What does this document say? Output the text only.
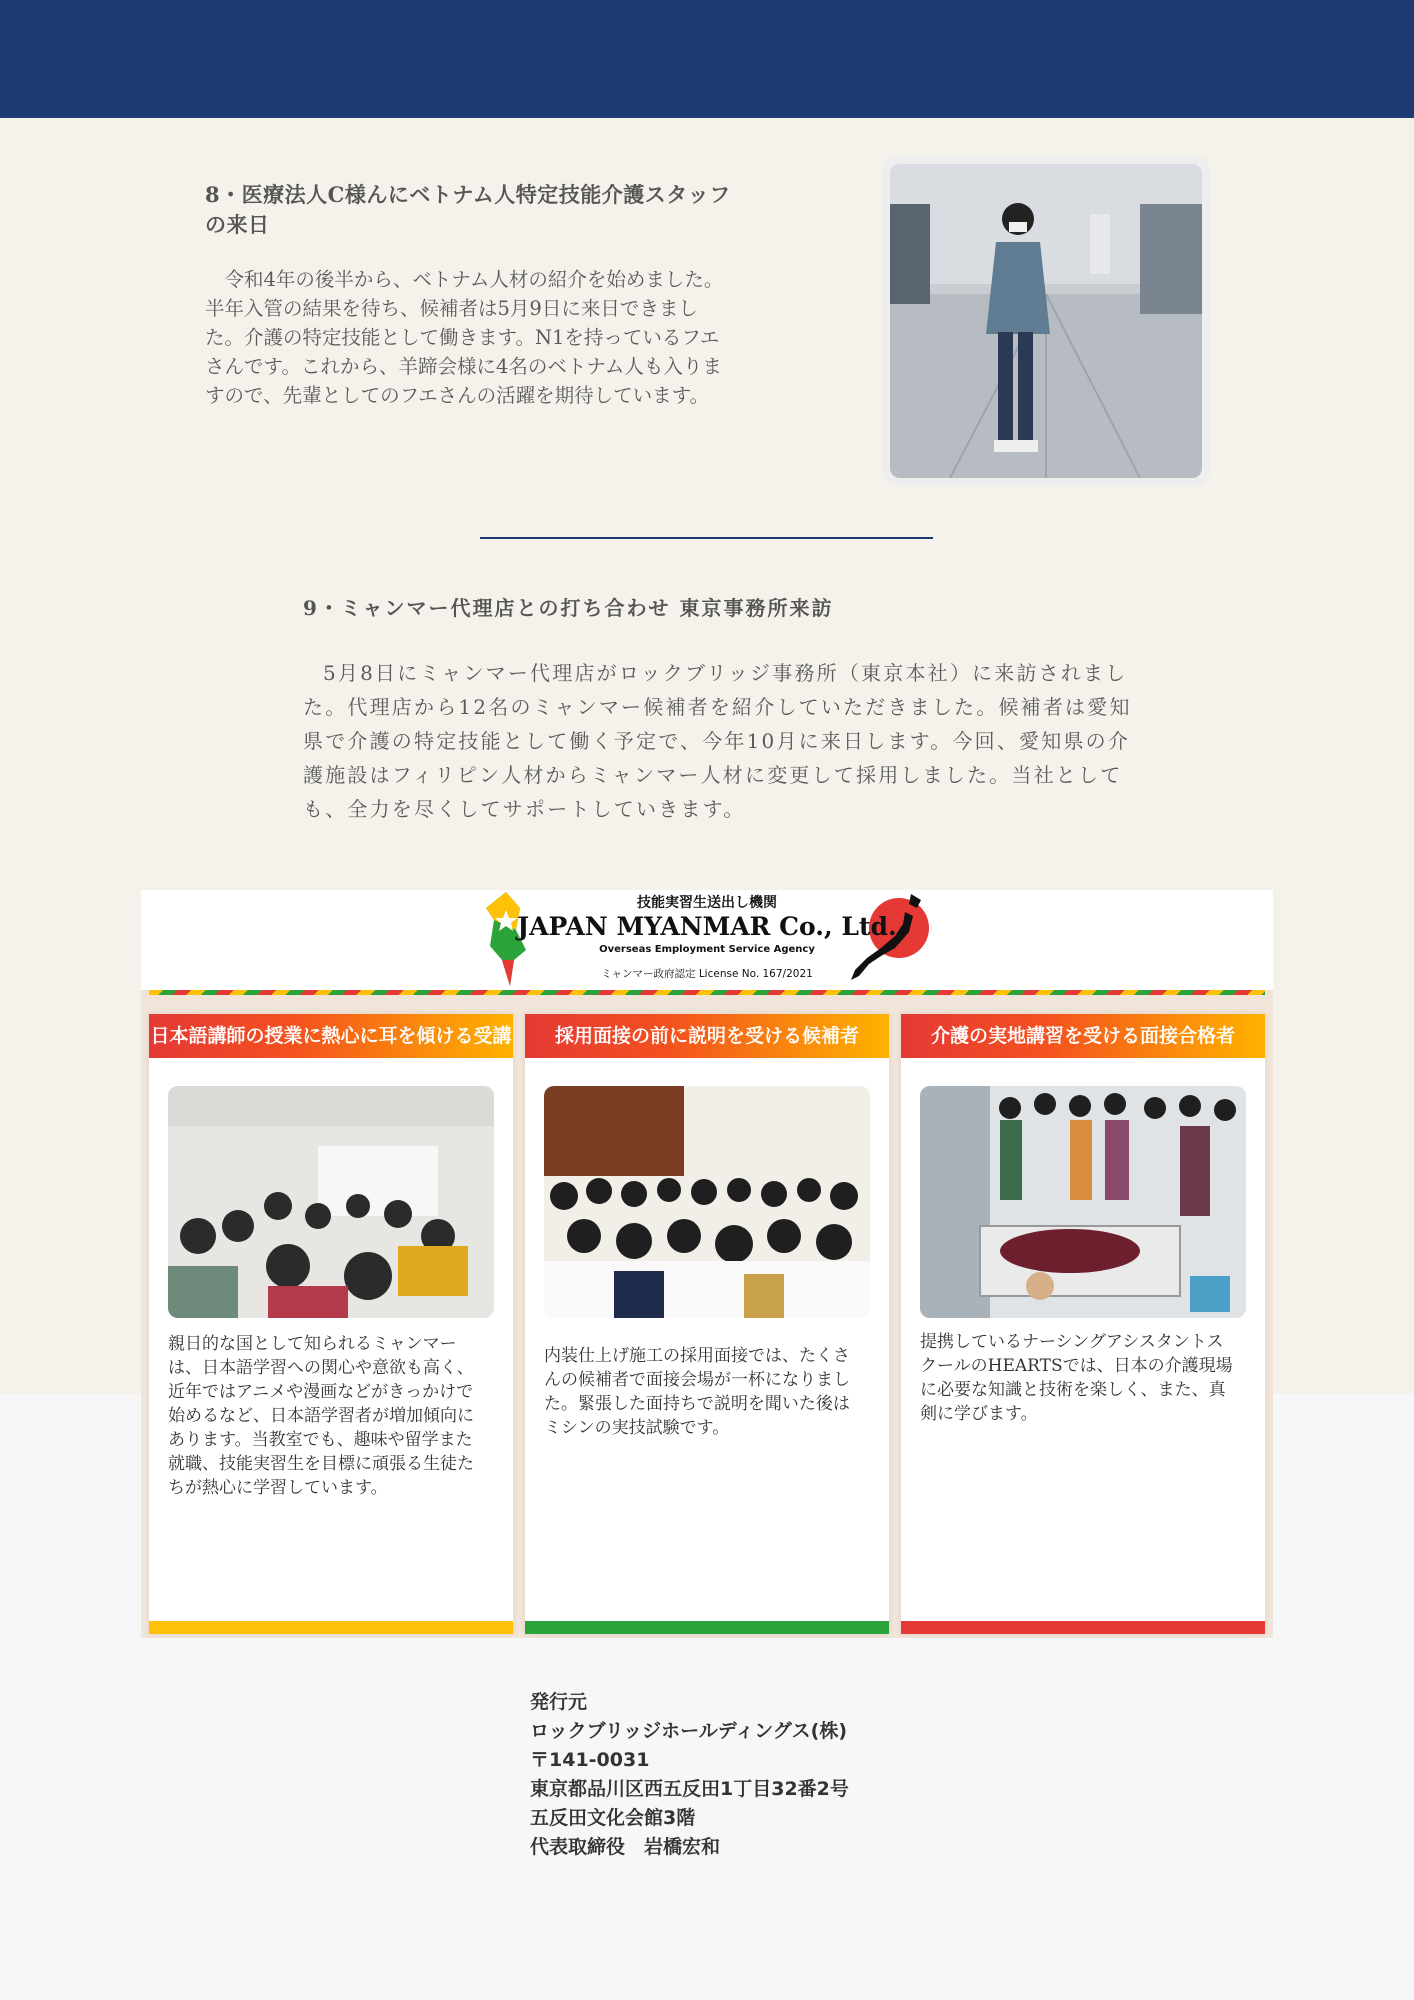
8・医療法人C様んにベトナム人特定技能介護スタッフの来日
令和4年の後半から、ベトナム人材の紹介を始めました。半年入管の結果を待ち、候補者は5月9日に来日できました。介護の特定技能として働きます。N1を持っているフエさんです。これから、羊蹄会様に4名のベトナム人も入りますので、先輩としてのフエさんの活躍を期待しています。
9・ミャンマー代理店との打ち合わせ 東京事務所来訪
5月8日にミャンマー代理店がロックブリッジ事務所（東京本社）に来訪されました。代理店から12名のミャンマー候補者を紹介していただきました。候補者は愛知県で介護の特定技能として働く予定で、今年10月に来日します。今回、愛知県の介護施設はフィリピン人材からミャンマー人材に変更して採用しました。当社としても、全力を尽くしてサポートしていきます。
技能実習生送出し機関
JAPAN MYANMAR Co., Ltd.
Overseas Employment Service Agency
ミャンマー政府認定 License No. 167/2021
日本語講師の授業に熱心に耳を傾ける受講
親日的な国として知られるミャンマーは、日本語学習への関心や意欲も高く、近年ではアニメや漫画などがきっかけで始めるなど、日本語学習者が増加傾向にあります。当教室でも、趣味や留学また就職、技能実習生を目標に頑張る生徒たちが熱心に学習しています。
採用面接の前に説明を受ける候補者
内装仕上げ施工の採用面接では、たくさんの候補者で面接会場が一杯になりました。緊張した面持ちで説明を聞いた後はミシンの実技試験です。
介護の実地講習を受ける面接合格者
提携しているナーシングアシスタントスクールのHEARTSでは、日本の介護現場に必要な知識と技術を楽しく、また、真剣に学びます。
発行元
ロックブリッジホールディングス(株)
〒141-0031
東京都品川区西五反田1丁目32番2号
五反田文化会館3階
代表取締役　岩橋宏和
